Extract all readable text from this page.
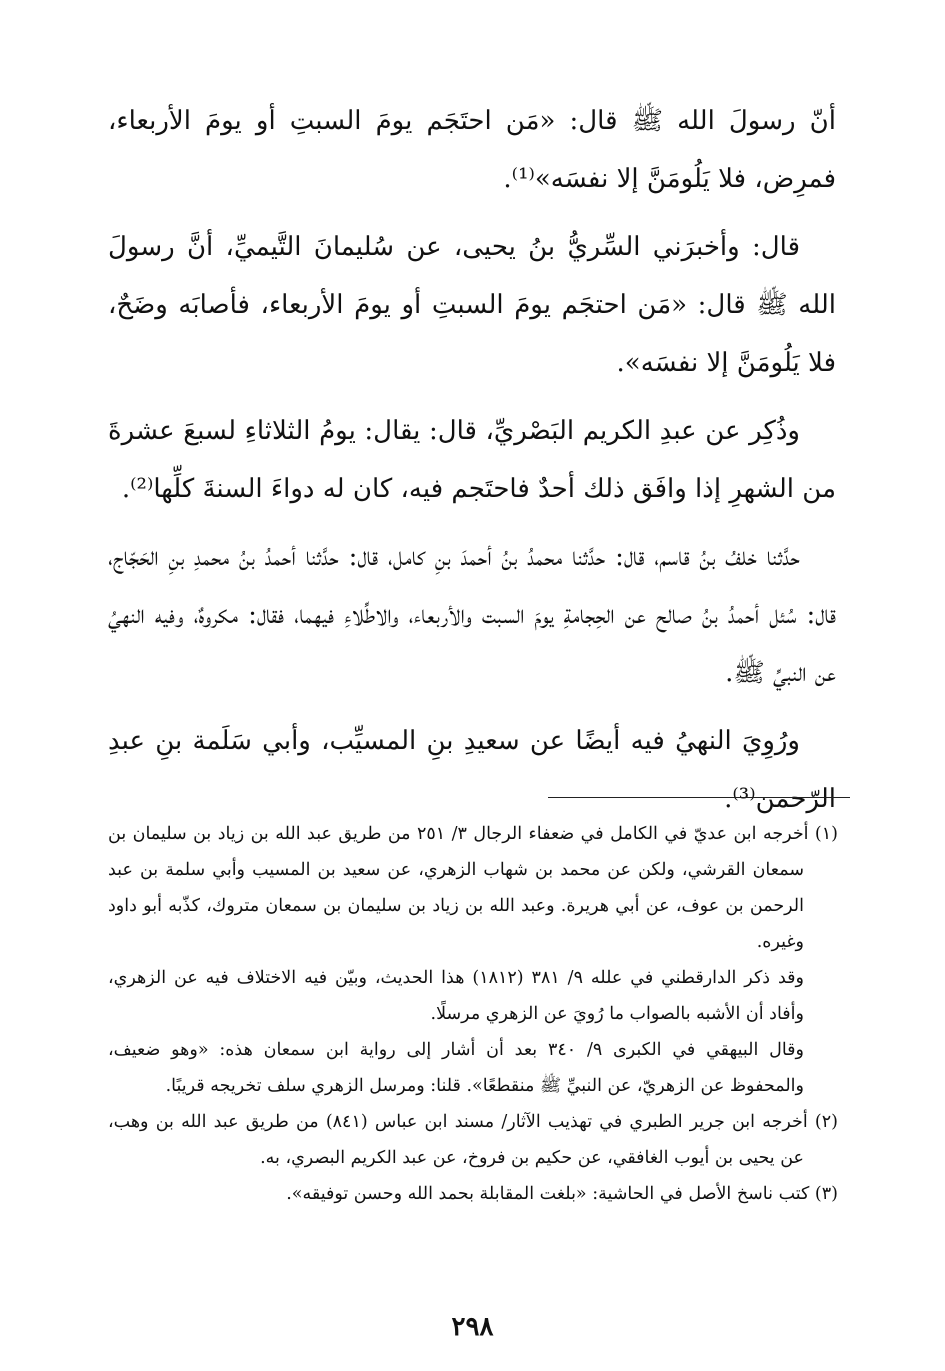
أنّ رسولَ الله ﷺ قال: «مَن احتَجَم يومَ السبتِ أو يومَ الأربعاء، فمرِض، فلا يَلُومَنَّ إلا نفسَه»⁽¹⁾.

قال: وأخبرَني السِّريُّ بنُ يحيى، عن سُليمانَ التَّيميِّ، أنَّ رسولَ الله ﷺ قال: «مَن احتجَم يومَ السبتِ أو يومَ الأربعاء، فأصابَه وضَحٌ، فلا يَلُومَنَّ إلا نفسَه».

وذُكِر عن عبدِ الكريم البَصْريِّ، قال: يقال: يومُ الثلاثاءِ لسبعَ عشرةَ من الشهرِ إذا وافَق ذلك أحدٌ فاحتَجم فيه، كان له دواءَ السنةَ كلِّها⁽²⁾.

حدَّثنا خلفُ بنُ قاسم، قال: حدَّثنا محمدُ بنُ أحمدَ بنِ كامل، قال: حدَّثنا أحمدُ بنُ محمدِ بنِ الحَجّاج، قال: سُئل أحمدُ بنُ صالح عن الحِجامةِ يومَ السبت والأربعاء، والاطِّلاءِ فيهما، فقال: مكروهٌ، وفيه النهيُ عن النبيِّ ﷺ.

ورُوِيَ النهيُ فيه أيضًا عن سعيدِ بنِ المسيِّب، وأبي سَلَمة بنِ عبدِ الرّحمن⁽³⁾.

(١) أخرجه ابن عديّ في الكامل في ضعفاء الرجال ٣/ ٢٥١ من طريق عبد الله بن زياد بن سليمان بن سمعان القرشي، ولكن عن محمد بن شهاب الزهري، عن سعيد بن المسيب وأبي سلمة بن عبد الرحمن بن عوف، عن أبي هريرة. وعبد الله بن زياد بن سليمان بن سمعان متروك، كذّبه أبو داود وغيره.

وقد ذكر الدارقطني في علله ٩/ ٣٨١ (١٨١٢) هذا الحديث، وبيّن فيه الاختلاف فيه عن الزهري، وأفاد أن الأشبه بالصواب ما رُويَ عن الزهري مرسلًا.

وقال البيهقي في الكبرى ٩/ ٣٤٠ بعد أن أشار إلى رواية ابن سمعان هذه: «وهو ضعيف، والمحفوظ عن الزهريّ، عن النبيِّ ﷺ منقطعًا». قلنا: ومرسل الزهري سلف تخريجه قريبًا.

(٢) أخرجه ابن جرير الطبري في تهذيب الآثار/ مسند ابن عباس (٨٤١) من طريق عبد الله بن وهب، عن يحيى بن أيوب الغافقي، عن حكيم بن فروخ، عن عبد الكريم البصري، به.

(٣) كتب ناسخ الأصل في الحاشية: «بلغت المقابلة بحمد الله وحسن توفيقه».

٢٩٨
